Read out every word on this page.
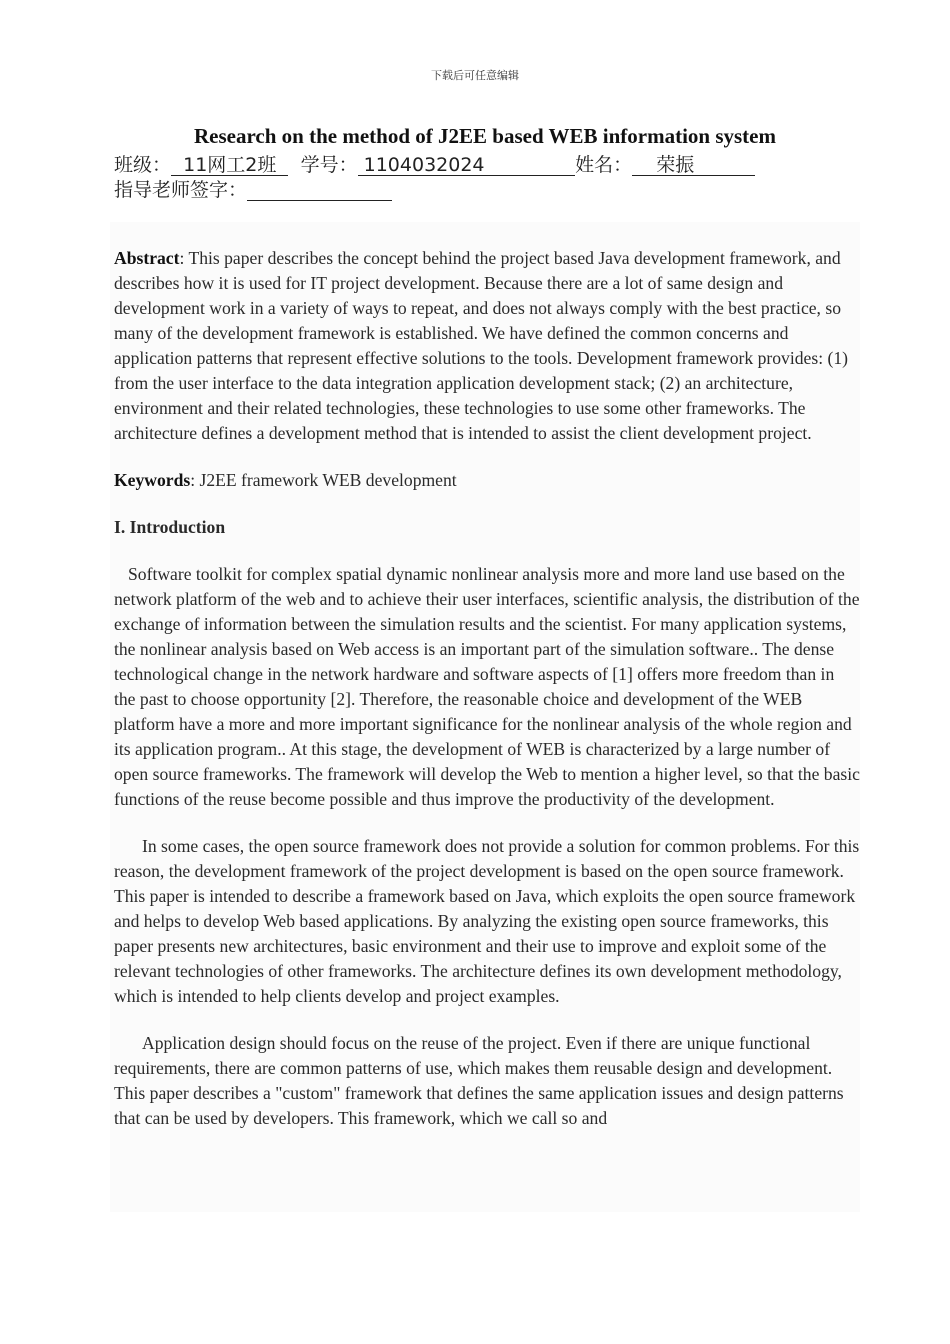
下载后可任意编辑
Research on the method of J2EE based WEB information system
班级： 11网工2班 学号： 1104032024	姓名： 荣振
指导老师签字：

Abstract: This paper describes the concept behind the project based Java development framework, and describes how it is used for IT project development. Because there are a lot of same design and development work in a variety of ways to repeat, and does not always comply with the best practice, so many of the development framework is established. We have defined the common concerns and application patterns that represent effective solutions to the tools. Development framework provides: (1) from the user interface to the data integration application development stack; (2) an architecture, environment and their related technologies, these technologies to use some other frameworks. The architecture defines a development method that is intended to assist the client development project.

Keywords: J2EE framework WEB development

I. Introduction

Software toolkit for complex spatial dynamic nonlinear analysis more and more land use based on the network platform of the web and to achieve their user interfaces, scientific analysis, the distribution of the exchange of information between the simulation results and the scientist. For many application systems, the nonlinear analysis based on Web access is an important part of the simulation software.. The dense technological change in the network hardware and software aspects of [1] offers more freedom than in the past to choose opportunity [2]. Therefore, the reasonable choice and development of the WEB platform have a more and more important significance for the nonlinear analysis of the whole region and its application program.. At this stage, the development of WEB is characterized by a large number of open source frameworks. The framework will develop the Web to mention a higher level, so that the basic functions of the reuse become possible and thus improve the productivity of the development.

In some cases, the open source framework does not provide a solution for common problems. For this reason, the development framework of the project development is based on the open source framework. This paper is intended to describe a framework based on Java, which exploits the open source framework and helps to develop Web based applications. By analyzing the existing open source frameworks, this paper presents new architectures, basic environment and their use to improve and exploit some of the relevant technologies of other frameworks. The architecture defines its own development methodology, which is intended to help clients develop and project examples.

Application design should focus on the reuse of the project. Even if there are unique functional requirements, there are common patterns of use, which makes them reusable design and development. This paper describes a "custom" framework that defines the same application issues and design patterns that can be used by developers. This framework, which we call so and
